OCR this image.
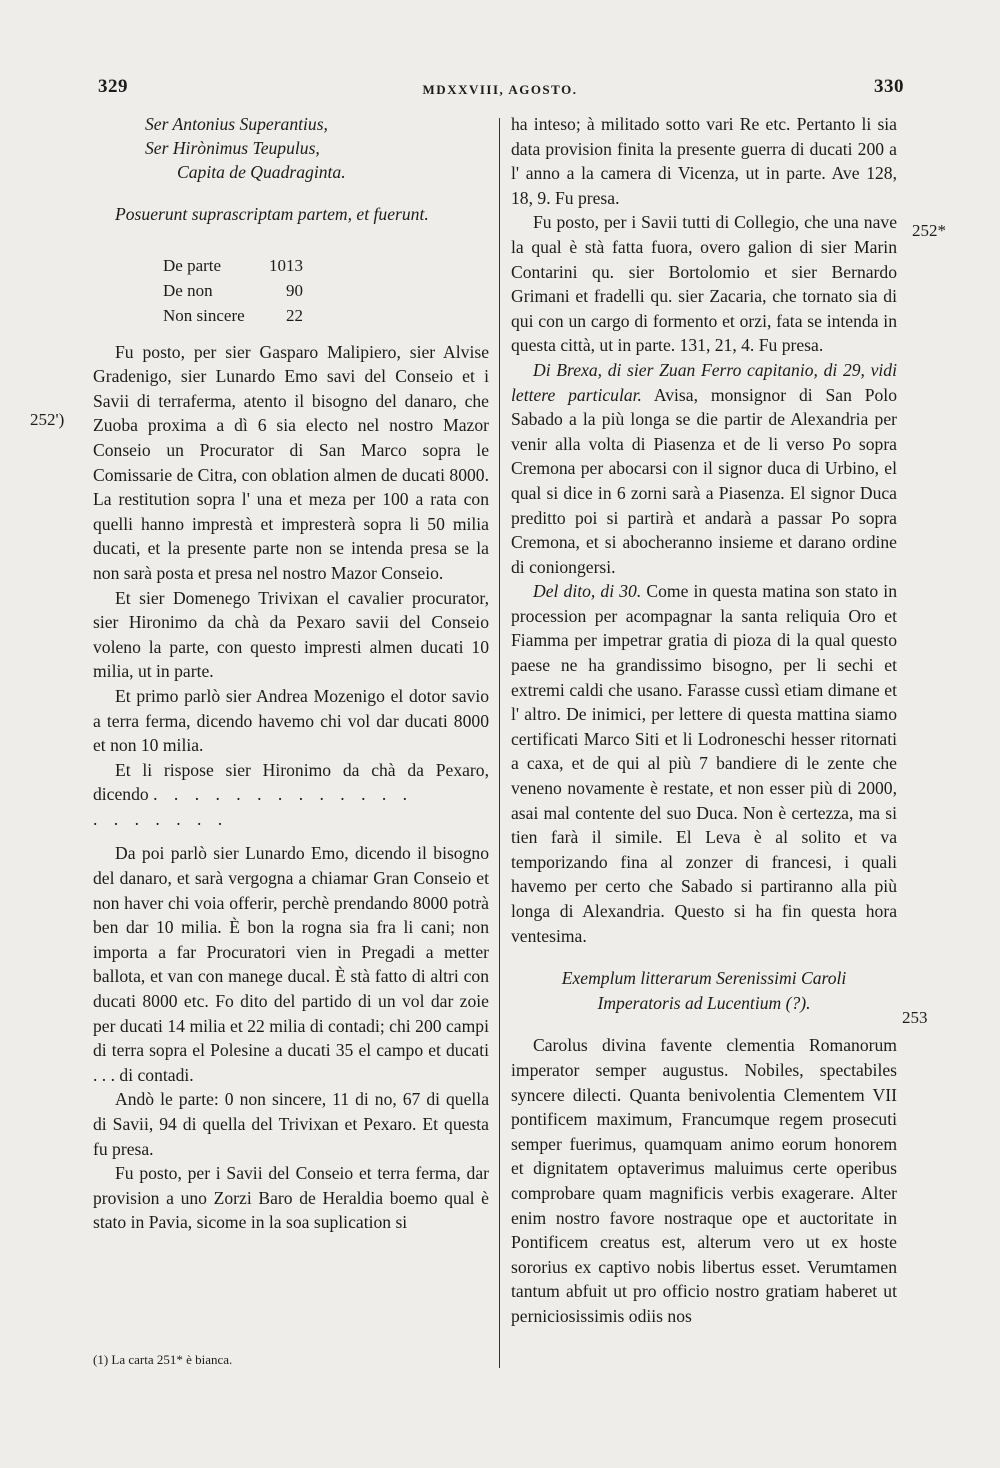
329	MDXXVIII, AGOSTO.	330
252')
252*
253
Ser Antonius Superantius,
Ser Hirònimus Teupulus,
Capita de Quadraginta.

Posuerunt suprascriptam partem, et fuerunt.

De parte	1013
De non	90
Non sincere	22

Fu posto, per sier Gasparo Malipiero, sier Alvise Gradenigo, sier Lunardo Emo savi del Conseio et i Savii di terraferma, atento il bisogno del danaro, che Zuoba proxima a dì 6 sia electo nel nostro Mazor Conseio un Procurator di San Marco sopra le Comissarie de Citra, con oblation almen de ducati 8000. La restitution sopra l' una et meza per 100 a rata con quelli hanno imprestà et impresterà sopra li 50 milia ducati, et la presente parte non se intenda presa se la non sarà posta et presa nel nostro Mazor Conseio.

Et sier Domenego Trivixan el cavalier procurator, sier Hironimo da chà da Pexaro savii del Conseio voleno la parte, con questo impresti almen ducati 10 milia, ut in parte.

Et primo parlò sier Andrea Mozenigo el dotor savio a terra ferma, dicendo havemo chi vol dar ducati 8000 et non 10 milia.

Et li rispose sier Hironimo da chà da Pexaro, dicendo . . . . . . . . . . . . .

. . . . . . .

Da poi parlò sier Lunardo Emo, dicendo il bisogno del danaro, et sarà vergogna a chiamar Gran Conseio et non haver chi voia offerir, perchè prendando 8000 potrà ben dar 10 milia. È bon la rogna sia fra li cani; non importa a far Procuratori vien in Pregadi a metter ballota, et van con manege ducal. È stà fatto di altri con ducati 8000 etc. Fo dito del partido di un vol dar zoie per ducati 14 milia et 22 milia di contadi; chi 200 campi di terra sopra el Polesine a ducati 35 el campo et ducati . . . di contadi.

Andò le parte: 0 non sincere, 11 di no, 67 di quella di Savii, 94 di quella del Trivixan et Pexaro. Et questa fu presa.

Fu posto, per i Savii del Conseio et terra ferma, dar provision a uno Zorzi Baro de Heraldia boemo qual è stato in Pavia, sicome in la soa suplication si

ha inteso; à militado sotto vari Re etc. Pertanto li sia data provision finita la presente guerra di ducati 200 a l' anno a la camera di Vicenza, ut in parte. Ave 128, 18, 9. Fu presa.

Fu posto, per i Savii tutti di Collegio, che una nave la qual è stà fatta fuora, overo galion di sier Marin Contarini qu. sier Bortolomio et sier Bernardo Grimani et fradelli qu. sier Zacaria, che tornato sia di qui con un cargo di formento et orzi, fata se intenda in questa città, ut in parte. 131, 21, 4. Fu presa.

Di Brexa, di sier Zuan Ferro capitanio, di 29, vidi lettere particular. Avisa, monsignor di San Polo Sabado a la più longa se die partir de Alexandria per venir alla volta di Piasenza et de li verso Po sopra Cremona per abocarsi con il signor duca di Urbino, el qual si dice in 6 zorni sarà a Piasenza. El signor Duca preditto poi si partirà et andarà a passar Po sopra Cremona, et si abocheranno insieme et darano ordine di coniongersi.

Del dito, di 30. Come in questa matina son stato in procession per acompagnar la santa reliquia Oro et Fiamma per impetrar gratia di pioza di la qual questo paese ne ha grandissimo bisogno, per li sechi et extremi caldi che usano. Farasse cussì etiam dimane et l' altro. De inimici, per lettere di questa mattina siamo certificati Marco Siti et li Lodroneschi hesser ritornati a caxa, et de qui al più 7 bandiere di le zente che veneno novamente è restate, et non esser più di 2000, asai mal contente del suo Duca. Non è certezza, ma si tien farà il simile. El Leva è al solito et va temporizando fina al zonzer di francesi, i quali havemo per certo che Sabado si partiranno alla più longa di Alexandria. Questo si ha fin questa hora ventesima.

Exemplum litterarum Serenissimi Caroli
Imperatoris ad Lucentium (?).

Carolus divina favente clementia Romanorum imperator semper augustus. Nobiles, spectabiles syncere dilecti. Quanta benivolentia Clementem VII pontificem maximum, Francumque regem prosecuti semper fuerimus, quamquam animo eorum honorem et dignitatem optaverimus maluimus certe operibus comprobare quam magnificis verbis exagerare. Alter enim nostro favore nostraque ope et auctoritate in Pontificem creatus est, alterum vero ut ex hoste sororius ex captivo nobis libertus esset. Verumtamen tantum abfuit ut pro officio nostro gratiam haberet ut perniciosissimis odiis nos

(1) La carta 251* è bianca.
